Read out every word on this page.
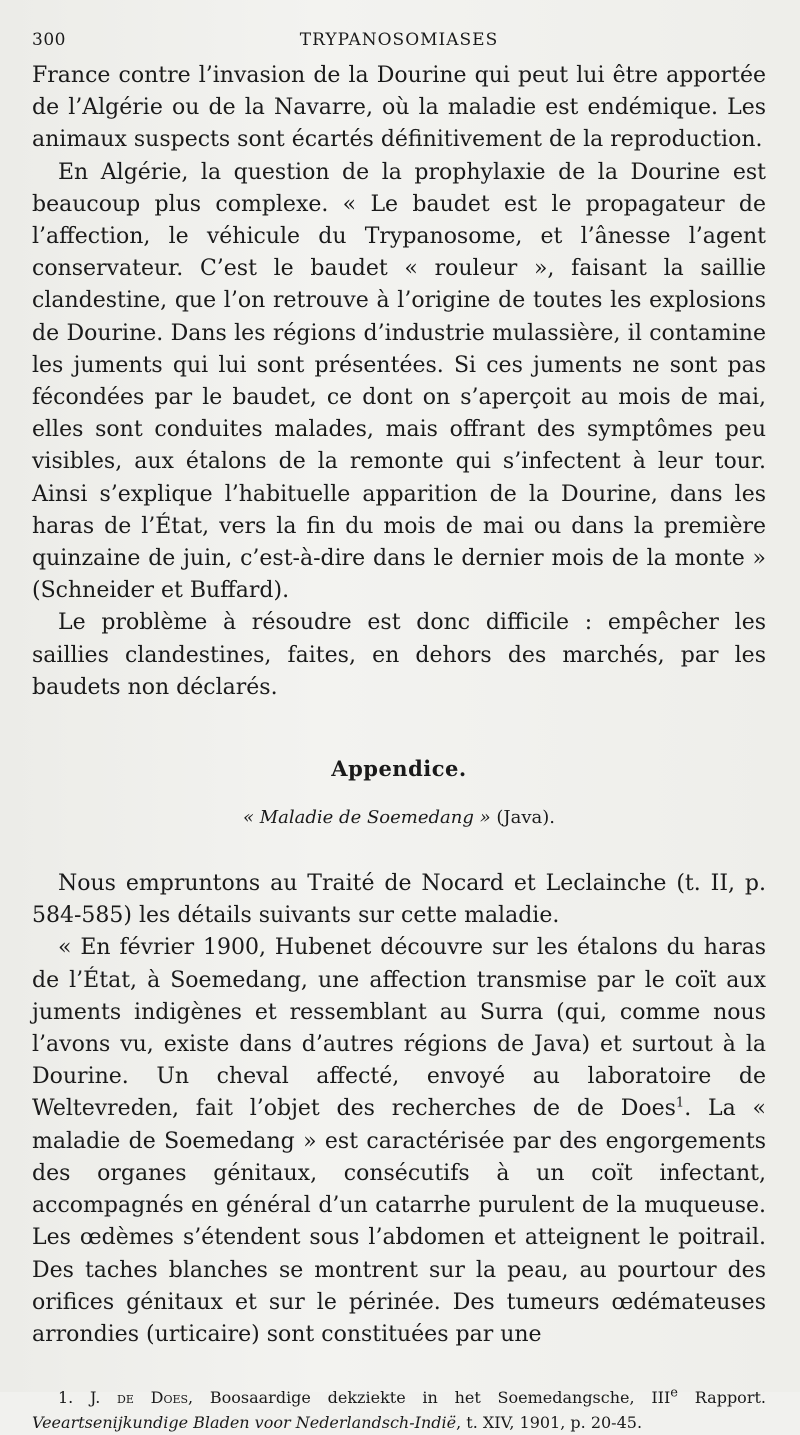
300	TRYPANOSOMIASES

France contre l’invasion de la Dourine qui peut lui être apportée de l’Algérie ou de la Navarre, où la maladie est endémique. Les animaux suspects sont écartés définitivement de la reproduction.

En Algérie, la question de la prophylaxie de la Dourine est beaucoup plus complexe. « Le baudet est le propagateur de l’affection, le véhicule du Trypanosome, et l’ânesse l’agent conservateur. C’est le baudet « rouleur », faisant la saillie clandestine, que l’on retrouve à l’origine de toutes les explosions de Dourine. Dans les régions d’industrie mulassière, il contamine les juments qui lui sont présentées. Si ces juments ne sont pas fécondées par le baudet, ce dont on s’aperçoit au mois de mai, elles sont conduites malades, mais offrant des symptômes peu visibles, aux étalons de la remonte qui s’infectent à leur tour. Ainsi s’explique l’habituelle apparition de la Dourine, dans les haras de l’État, vers la fin du mois de mai ou dans la première quinzaine de juin, c’est-à-dire dans le dernier mois de la monte » (Schneider et Buffard).

Le problème à résoudre est donc difficile : empêcher les saillies clandestines, faites, en dehors des marchés, par les baudets non déclarés.

Appendice.
« Maladie de Soemedang » (Java).

Nous empruntons au Traité de Nocard et Leclainche (t. II, p. 584-585) les détails suivants sur cette maladie.

« En février 1900, Hubenet découvre sur les étalons du haras de l’État, à Soemedang, une affection transmise par le coït aux juments indigènes et ressemblant au Surra (qui, comme nous l’avons vu, existe dans d’autres régions de Java) et surtout à la Dourine. Un cheval affecté, envoyé au laboratoire de Weltevreden, fait l’objet des recherches de de Does$^1$. La « maladie de Soemedang » est caractérisée par des engorgements des organes génitaux, consécutifs à un coït infectant, accompagnés en général d’un catarrhe purulent de la muqueuse. Les œdèmes s’étendent sous l’abdomen et atteignent le poitrail. Des taches blanches se montrent sur la peau, au pourtour des orifices génitaux et sur le périnée. Des tumeurs œdémateuses arrondies (urticaire) sont constituées par une

1. J. de Does, Boosaardige dekziekte in het Soemedangsche, IIIe Rapport. Veeartsenijkundige Bladen voor Nederlandsch-Indië, t. XIV, 1901, p. 20-45.
